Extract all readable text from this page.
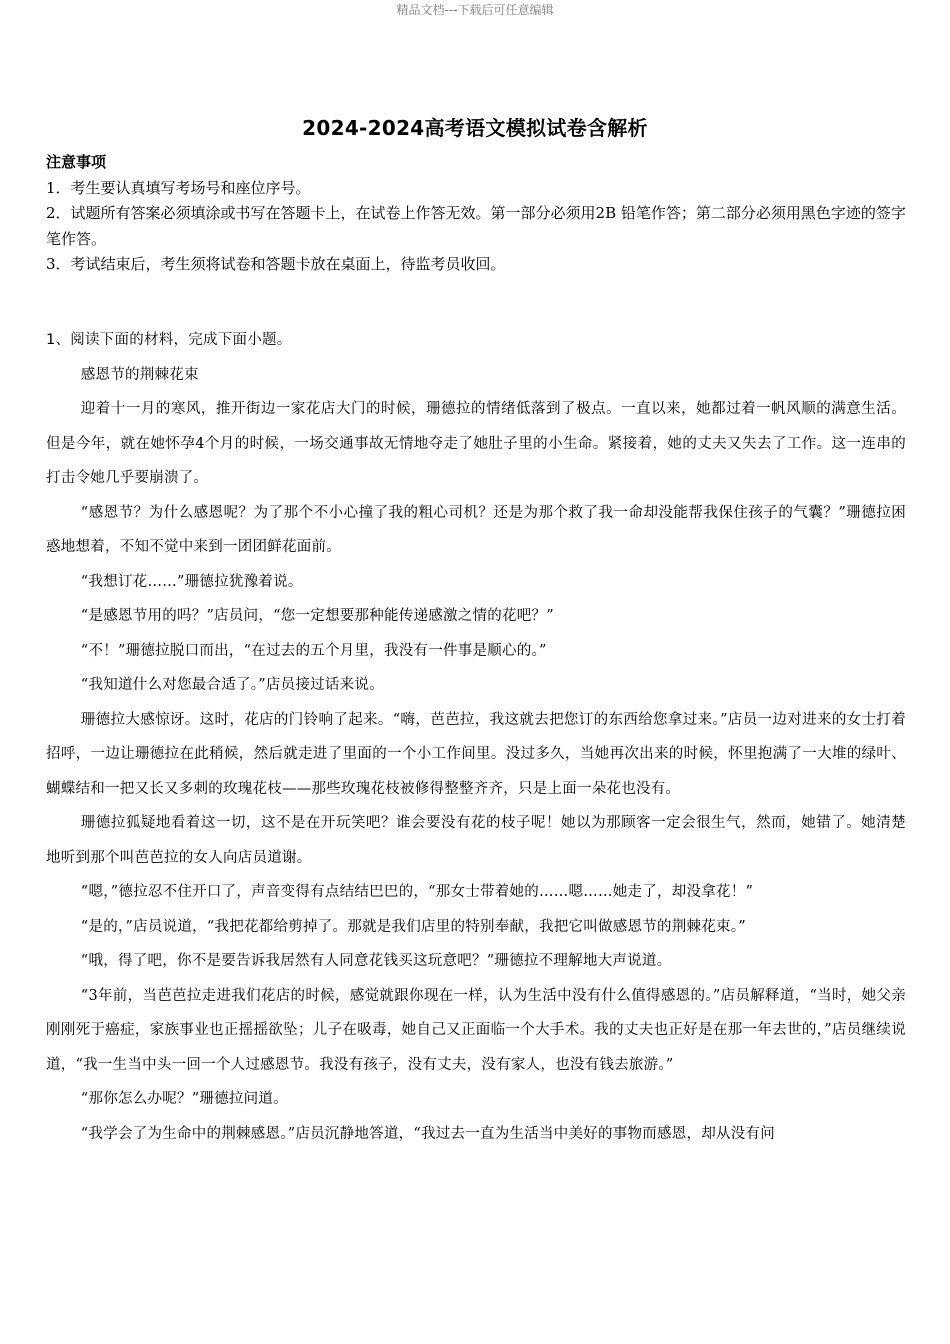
精品文档---下载后可任意编辑
2024-2024高考语文模拟试卷含解析

注意事项

1．考生要认真填写考场号和座位序号。

2．试题所有答案必须填涂或书写在答题卡上，在试卷上作答无效。第一部分必须用2B 铅笔作答；第二部分必须用黑色字迹的签字笔作答。

3．考试结束后，考生须将试卷和答题卡放在桌面上，待监考员收回。

1、阅读下面的材料，完成下面小题。

感恩节的荆棘花束

迎着十一月的寒风，推开街边一家花店大门的时候，珊德拉的情绪低落到了极点。一直以来，她都过着一帆风顺的满意生活。但是今年，就在她怀孕4个月的时候，一场交通事故无情地夺走了她肚子里的小生命。紧接着，她的丈夫又失去了工作。这一连串的打击令她几乎要崩溃了。

“感恩节？为什么感恩呢？为了那个不小心撞了我的粗心司机？还是为那个救了我一命却没能帮我保住孩子的气囊？”珊德拉困惑地想着，不知不觉中来到一团团鲜花面前。

“我想订花……”珊德拉犹豫着说。

“是感恩节用的吗？”店员问，“您一定想要那种能传递感激之情的花吧？”

“不！”珊德拉脱口而出，“在过去的五个月里，我没有一件事是顺心的。”

“我知道什么对您最合适了。”店员接过话来说。

珊德拉大感惊讶。这时，花店的门铃响了起来。“嗨，芭芭拉，我这就去把您订的东西给您拿过来。”店员一边对进来的女士打着招呼，一边让珊德拉在此稍候，然后就走进了里面的一个小工作间里。没过多久，当她再次出来的时候，怀里抱满了一大堆的绿叶、蝴蝶结和一把又长又多刺的玫瑰花枝——那些玫瑰花枝被修得整整齐齐，只是上面一朵花也没有。

珊德拉狐疑地看着这一切，这不是在开玩笑吧？谁会要没有花的枝子呢！她以为那顾客一定会很生气，然而，她错了。她清楚地听到那个叫芭芭拉的女人向店员道谢。

“嗯，”德拉忍不住开口了，声音变得有点结结巴巴的，“那女士带着她的……嗯……她走了，却没拿花！”

“是的，”店员说道，“我把花都给剪掉了。那就是我们店里的特别奉献，我把它叫做感恩节的荆棘花束。”

“哦，得了吧，你不是要告诉我居然有人同意花钱买这玩意吧？”珊德拉不理解地大声说道。

“3年前，当芭芭拉走进我们花店的时候，感觉就跟你现在一样，认为生活中没有什么值得感恩的。”店员解释道，“当时，她父亲刚刚死于癌症，家族事业也正摇摇欲坠；儿子在吸毒，她自己又正面临一个大手术。我的丈夫也正好是在那一年去世的，”店员继续说道，“我一生当中头一回一个人过感恩节。我没有孩子，没有丈夫，没有家人，也没有钱去旅游。”

“那你怎么办呢？”珊德拉问道。

“我学会了为生命中的荆棘感恩。”店员沉静地答道，“我过去一直为生活当中美好的事物而感恩，却从没有问
